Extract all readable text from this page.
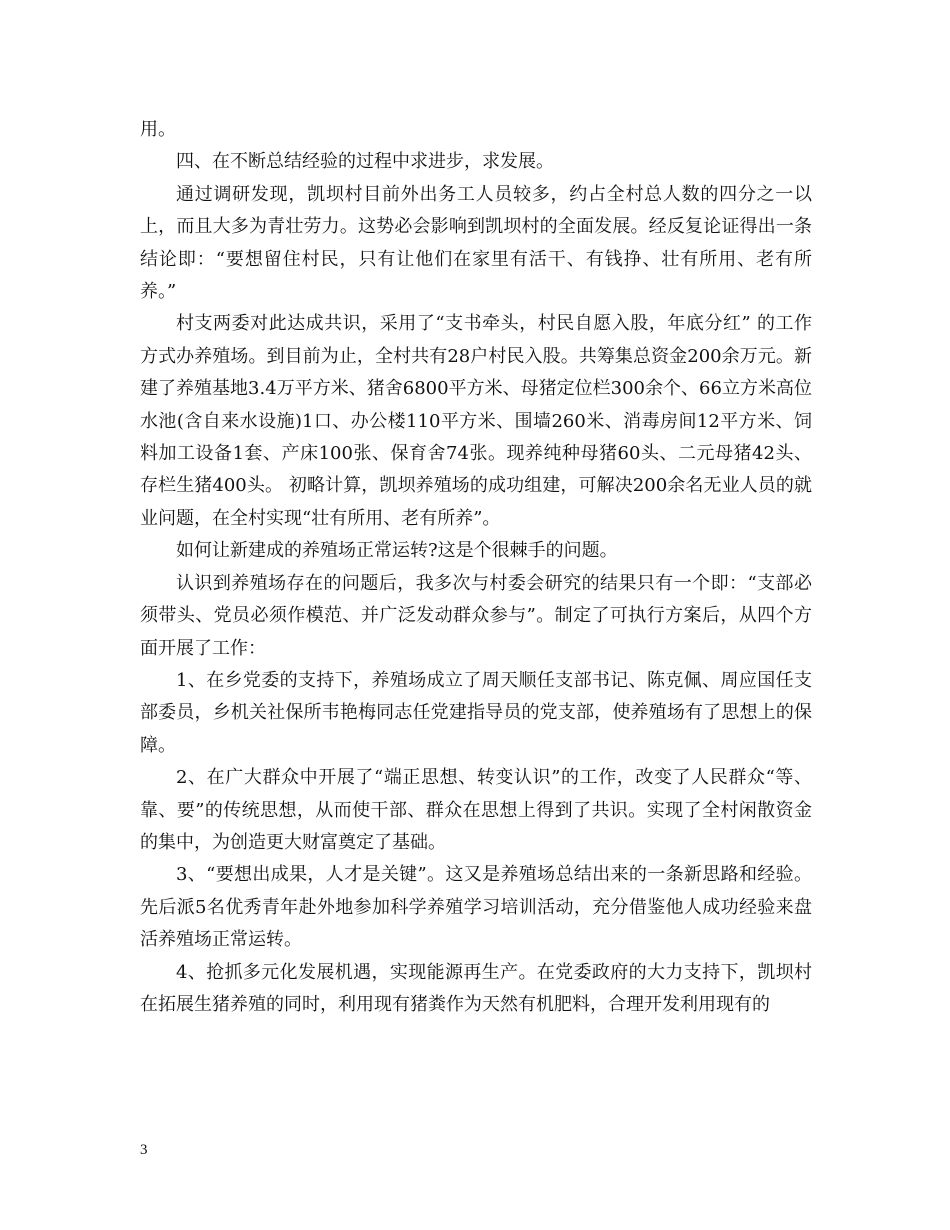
用。

四、在不断总结经验的过程中求进步，求发展。

通过调研发现，凯坝村目前外出务工人员较多，约占全村总人数的四分之一以上，而且大多为青壮劳力。这势必会影响到凯坝村的全面发展。经反复论证得出一条结论即：“要想留住村民，只有让他们在家里有活干、有钱挣、壮有所用、老有所养。”

村支两委对此达成共识，采用了“支书牵头，村民自愿入股，年底分红” 的工作方式办养殖场。到目前为止，全村共有28户村民入股。共筹集总资金200余万元。新建了养殖基地3.4万平方米、猪舍6800平方米、母猪定位栏300余个、66立方米高位水池(含自来水设施)1口、办公楼110平方米、围墙260米、消毒房间12平方米、饲料加工设备1套、产床100张、保育舍74张。现养纯种母猪60头、二元母猪42头、存栏生猪400头。 初略计算，凯坝养殖场的成功组建，可解决200余名无业人员的就业问题，在全村实现“壮有所用、老有所养”。

如何让新建成的养殖场正常运转?这是个很棘手的问题。

认识到养殖场存在的问题后，我多次与村委会研究的结果只有一个即：“支部必须带头、党员必须作模范、并广泛发动群众参与”。制定了可执行方案后，从四个方面开展了工作：

1、在乡党委的支持下，养殖场成立了周天顺任支部书记、陈克佩、周应国任支部委员，乡机关社保所韦艳梅同志任党建指导员的党支部，使养殖场有了思想上的保障。

2、在广大群众中开展了“端正思想、转变认识”的工作，改变了人民群众“等、靠、要”的传统思想，从而使干部、群众在思想上得到了共识。实现了全村闲散资金的集中，为创造更大财富奠定了基础。

3、“要想出成果，人才是关键”。这又是养殖场总结出来的一条新思路和经验。先后派5名优秀青年赴外地参加科学养殖学习培训活动，充分借鉴他人成功经验来盘活养殖场正常运转。

4、抢抓多元化发展机遇，实现能源再生产。在党委政府的大力支持下，凯坝村在拓展生猪养殖的同时，利用现有猪粪作为天然有机肥料，合理开发利用现有的

3
